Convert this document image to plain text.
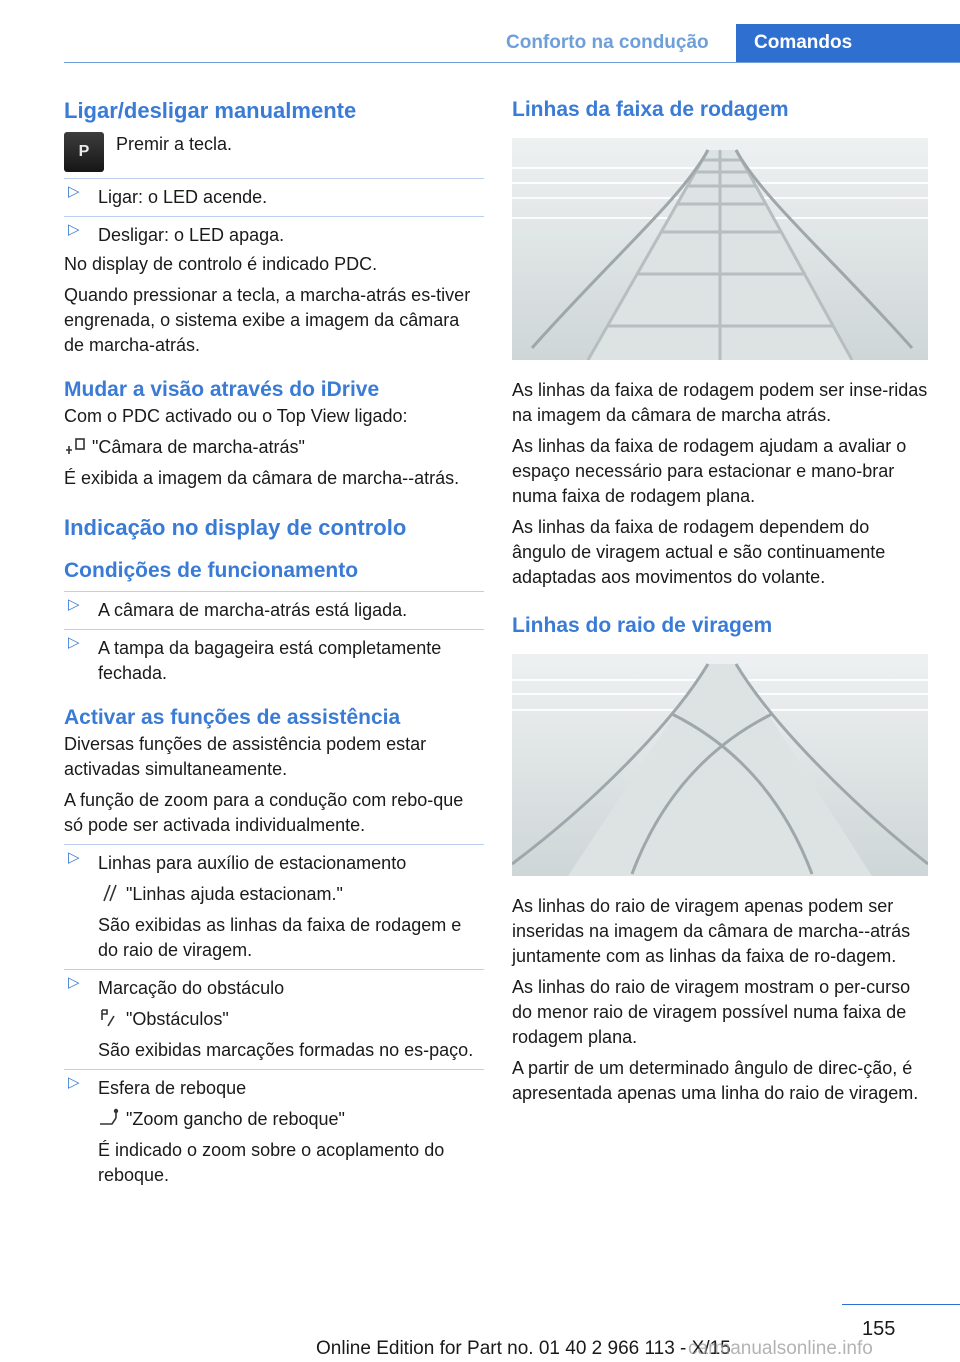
Conforto na condução	Comandos
Ligar/desligar manualmente
P Premir a tecla.
▷ Ligar: o LED acende.
▷ Desligar: o LED apaga.

No display de controlo é indicado PDC.

Quando pressionar a tecla, a marcha-atrás es-tiver engrenada, o sistema exibe a imagem da câmara de marcha-atrás.

Mudar a visão através do iDrive

Com o PDC activado ou o Top View ligado:

"Câmara de marcha-atrás"

É exibida a imagem da câmara de marcha--atrás.

Indicação no display de controlo
Condições de funcionamento
▷ A câmara de marcha-atrás está ligada.
▷ A tampa da bagageira está completamente fechada.
Activar as funções de assistência

Diversas funções de assistência podem estar activadas simultaneamente.

A função de zoom para a condução com rebo-que só pode ser activada individualmente.

▷ Linhas para auxílio de estacionamento
"Linhas ajuda estacionam."
São exibidas as linhas da faixa de rodagem e do raio de viragem.
▷ Marcação do obstáculo
"Obstáculos"
São exibidas marcações formadas no es-paço.
▷ Esfera de reboque
"Zoom gancho de reboque"
É indicado o zoom sobre o acoplamento do reboque.
Linhas da faixa de rodagem

As linhas da faixa de rodagem podem ser inse-ridas na imagem da câmara de marcha atrás.

As linhas da faixa de rodagem ajudam a avaliar o espaço necessário para estacionar e mano-brar numa faixa de rodagem plana.

As linhas da faixa de rodagem dependem do ângulo de viragem actual e são continuamente adaptadas aos movimentos do volante.

Linhas do raio de viragem

As linhas do raio de viragem apenas podem ser inseridas na imagem da câmara de marcha--atrás juntamente com as linhas da faixa de ro-dagem.

As linhas do raio de viragem mostram o per-curso do menor raio de viragem possível numa faixa de rodagem plana.

A partir de um determinado ângulo de direc-ção, é apresentada apenas uma linha do raio de viragem.

155
Online Edition for Part no. 01 40 2 966 113 - X/15
carmanualsonline.info
